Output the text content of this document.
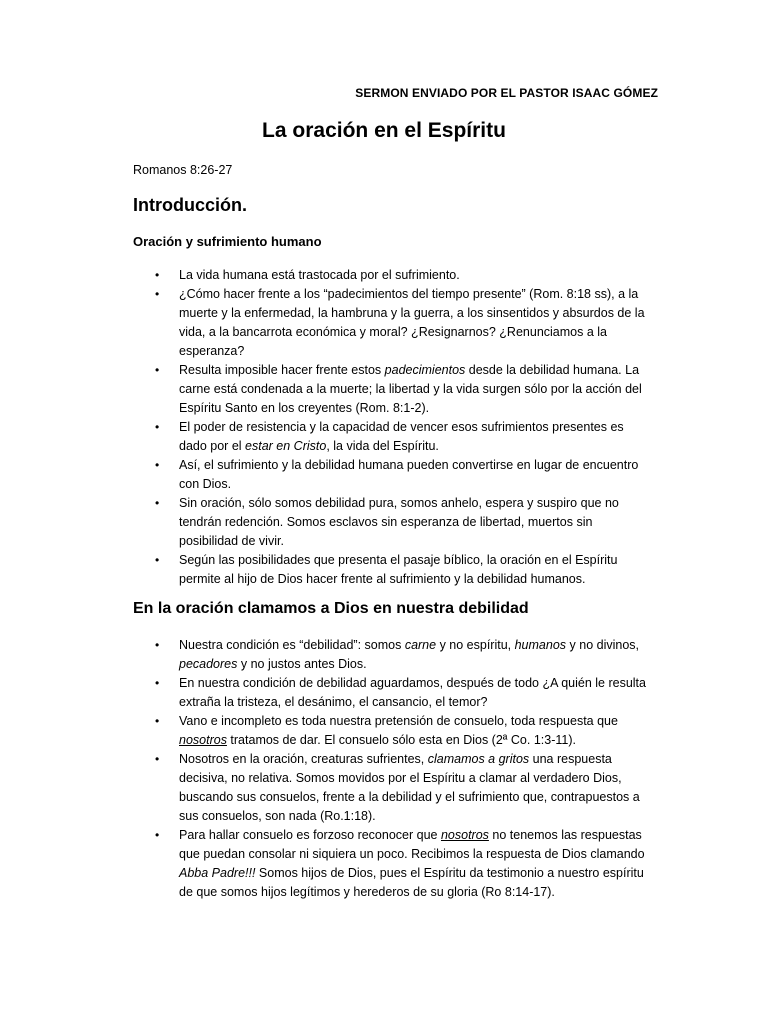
SERMON ENVIADO POR EL PASTOR ISAAC GÓMEZ
La oración en el Espíritu
Romanos 8:26-27
Introducción.
Oración y sufrimiento humano
• La vida humana está trastocada por el sufrimiento.
• ¿Cómo hacer frente a los “padecimientos del tiempo presente” (Rom. 8:18 ss), a la muerte y la enfermedad, la hambruna y la guerra, a los sinsentidos y absurdos de la vida, a la bancarrota económica y moral? ¿Resignarnos? ¿Renunciamos a la esperanza?
• Resulta imposible hacer frente estos padecimientos desde la debilidad humana. La carne está condenada a la muerte; la libertad y la vida surgen sólo por la acción del Espíritu Santo en los creyentes (Rom. 8:1-2).
• El poder de resistencia y la capacidad de vencer esos sufrimientos presentes es dado por el estar en Cristo, la vida del Espíritu.
• Así, el sufrimiento y la debilidad humana pueden convertirse en lugar de encuentro con Dios.
• Sin oración, sólo somos debilidad pura, somos anhelo, espera y suspiro que no tendrán redención. Somos esclavos sin esperanza de libertad, muertos sin posibilidad de vivir.
• Según las posibilidades que presenta el pasaje bíblico, la oración en el Espíritu permite al hijo de Dios hacer frente al sufrimiento y la debilidad humanos.
En la oración clamamos a Dios en nuestra debilidad
• Nuestra condición es “debilidad”: somos carne y no espíritu, humanos y no divinos, pecadores y no justos antes Dios.
• En nuestra condición de debilidad aguardamos, después de todo ¿A quién le resulta extraña la tristeza, el desánimo, el cansancio, el temor?
• Vano e incompleto es toda nuestra pretensión de consuelo, toda respuesta que nosotros tratamos de dar. El consuelo sólo esta en Dios (2ª Co. 1:3-11).
• Nosotros en la oración, creaturas sufrientes, clamamos a gritos una respuesta decisiva, no relativa. Somos movidos por el Espíritu a clamar al verdadero Dios, buscando sus consuelos, frente a la debilidad y el sufrimiento que, contrapuestos a sus consuelos, son nada (Ro.1:18).
• Para hallar consuelo es forzoso reconocer que nosotros no tenemos las respuestas que puedan consolar ni siquiera un poco. Recibimos la respuesta de Dios clamando Abba Padre!!! Somos hijos de Dios, pues el Espíritu da testimonio a nuestro espíritu de que somos hijos legítimos y herederos de su gloria (Ro 8:14-17).
